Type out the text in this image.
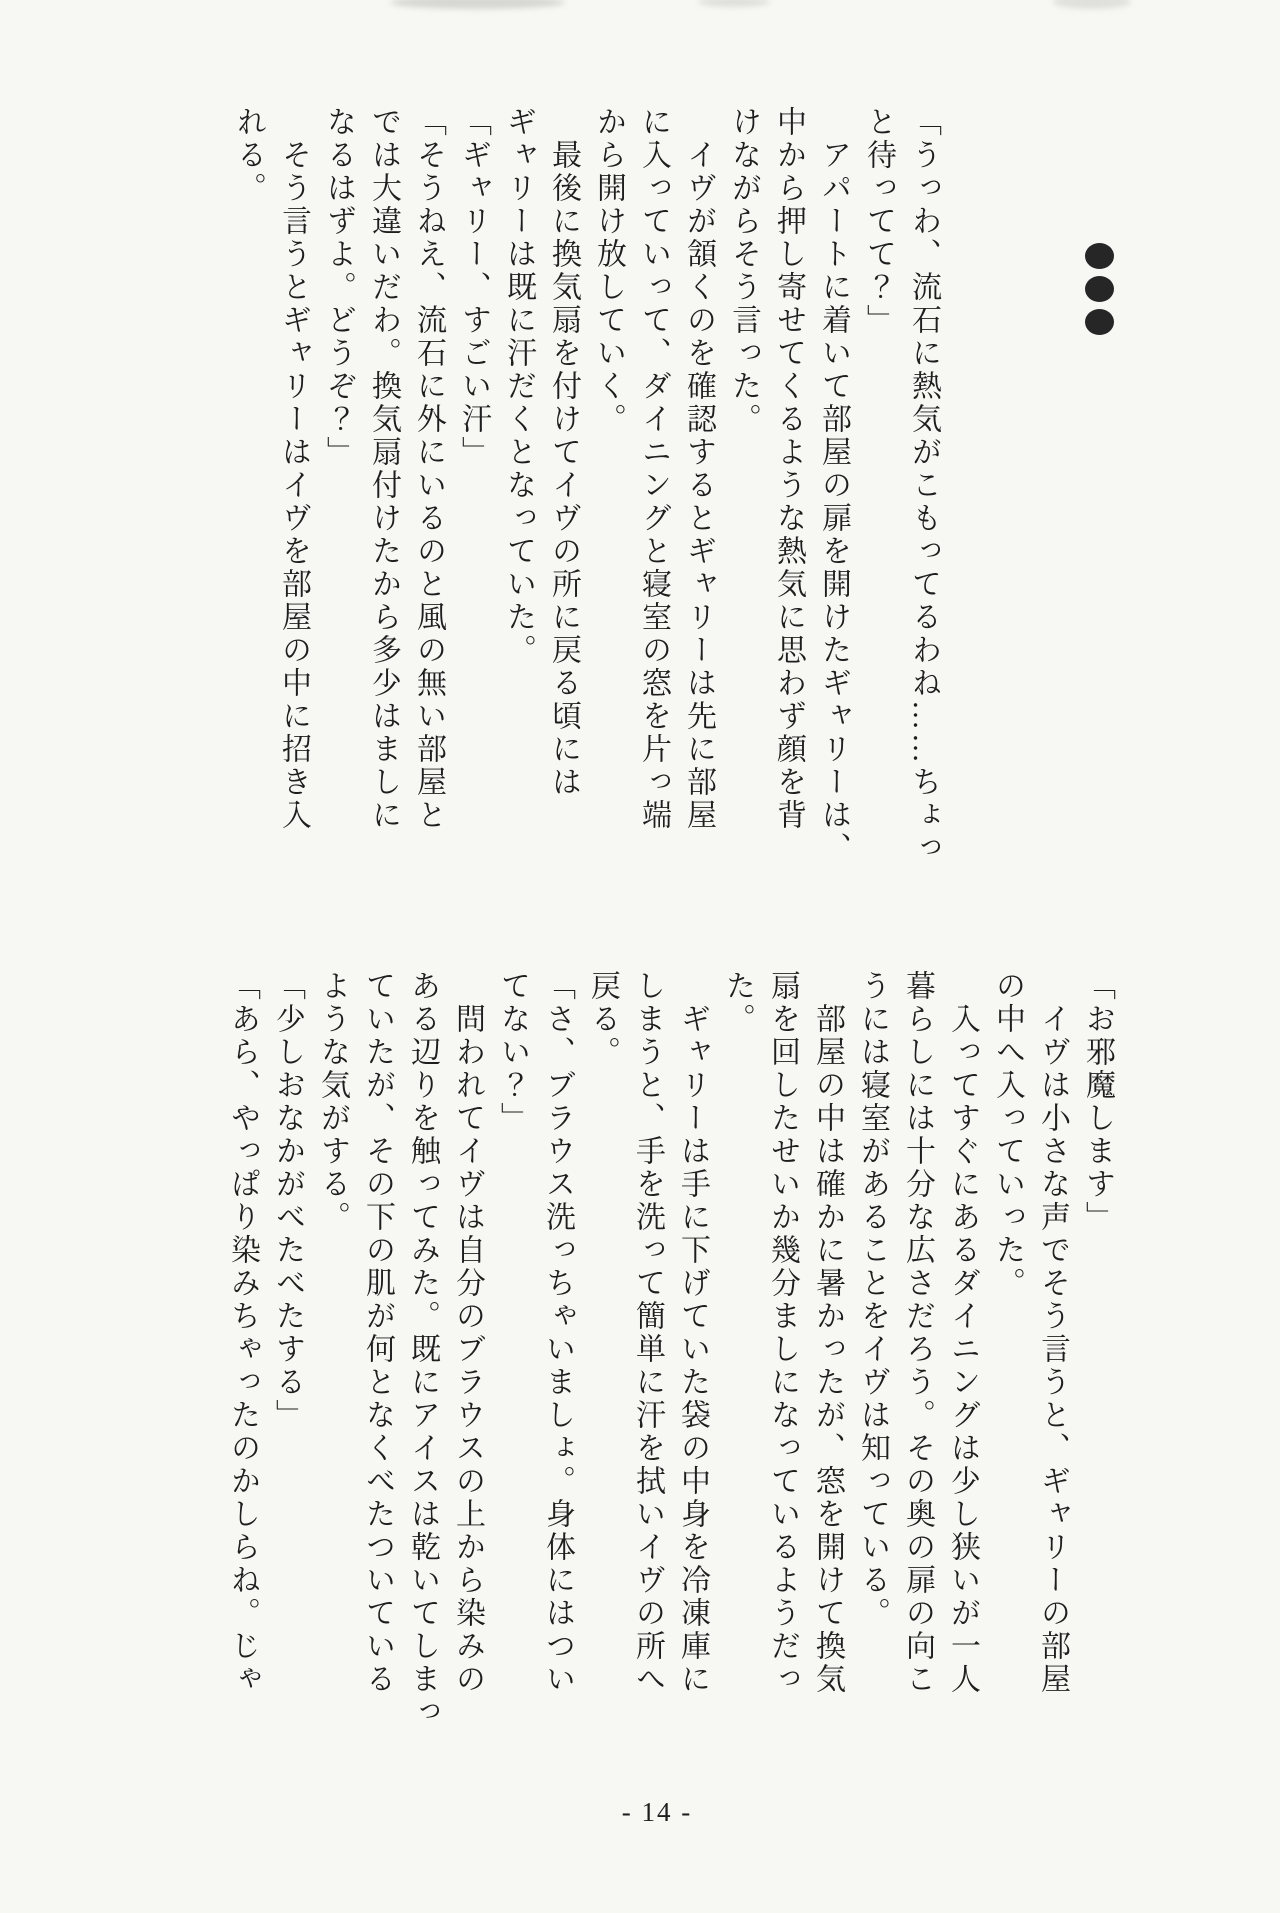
「うっわ、流石に熱気がこもってるわね……ちょっ
と待ってて？」
　アパートに着いて部屋の扉を開けたギャリーは、
中から押し寄せてくるような熱気に思わず顔を背
けながらそう言った。
　イヴが頷くのを確認するとギャリーは先に部屋
に入っていって、ダイニングと寝室の窓を片っ端
から開け放していく。
　最後に換気扇を付けてイヴの所に戻る頃には
ギャリーは既に汗だくとなっていた。
「ギャリー、すごい汗」
「そうねえ、流石に外にいるのと風の無い部屋と
では大違いだわ。換気扇付けたから多少はましに
なるはずよ。どうぞ？」
　そう言うとギャリーはイヴを部屋の中に招き入
れる。
「お邪魔します」
　イヴは小さな声でそう言うと、ギャリーの部屋
の中へ入っていった。
　入ってすぐにあるダイニングは少し狭いが一人
暮らしには十分な広さだろう。その奥の扉の向こ
うには寝室があることをイヴは知っている。
　部屋の中は確かに暑かったが、窓を開けて換気
扇を回したせいか幾分ましになっているようだっ
た。
　ギャリーは手に下げていた袋の中身を冷凍庫に
しまうと、手を洗って簡単に汗を拭いイヴの所へ
戻る。
「さ、ブラウス洗っちゃいましょ。身体にはつい
てない？」
　問われてイヴは自分のブラウスの上から染みの
ある辺りを触ってみた。既にアイスは乾いてしまっ
ていたが、その下の肌が何となくべたついている
ような気がする。
「少しおなかがべたべたする」
「あら、やっぱり染みちゃったのかしらね。じゃ
- 14 -
